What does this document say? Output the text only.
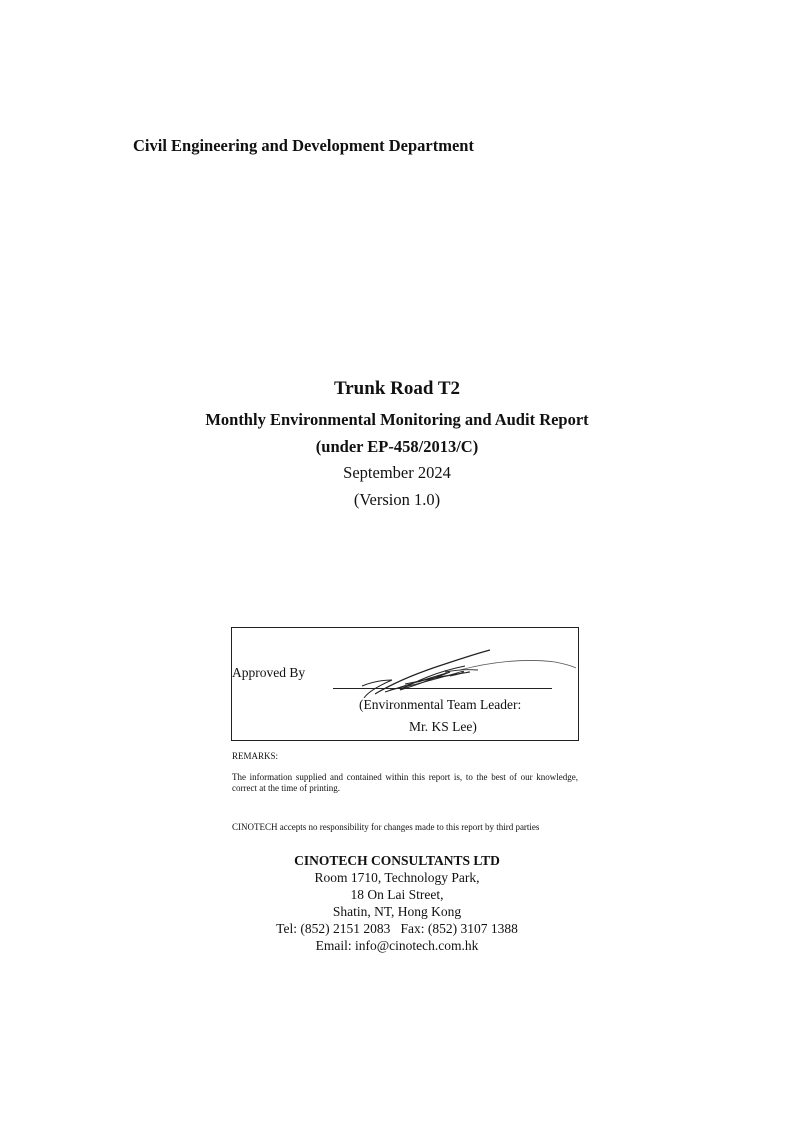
Civil Engineering and Development Department
Trunk Road T2
Monthly Environmental Monitoring and Audit Report
(under EP-458/2013/C)
September 2024
(Version 1.0)
Approved By
(Environmental Team Leader:
Mr. KS Lee)
REMARKS:
The information supplied and contained within this report is, to the best of our knowledge, correct at the time of printing.
CINOTECH accepts no responsibility for changes made to this report by third parties
CINOTECH CONSULTANTS LTD
Room 1710, Technology Park,
18 On Lai Street,
Shatin, NT, Hong Kong
Tel: (852) 2151 2083   Fax: (852) 3107 1388
Email: info@cinotech.com.hk
